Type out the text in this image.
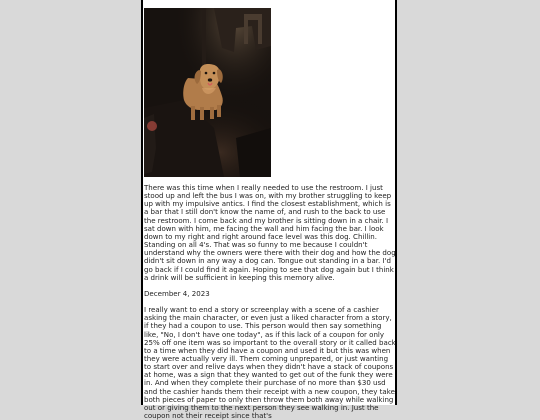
There was this time when I really needed to use the restroom. I just stood up and left the bus I was on, with my brother struggling to keep up with my impulsive antics. I find the closest establishment, which is a bar that I still don't know the name of, and rush to the back to use the restroom. I come back and my brother is sitting down in a chair. I sat down with him, me facing the wall and him facing the bar. I look down to my right and right around face level was this dog. Chillin. Standing on all 4's. That was so funny to me because I couldn't understand why the owners were there with their dog and how the dog didn't sit down in any way a dog can. Tongue out standing in a bar. I'd go back if I could find it again. Hoping to see that dog again but I think a drink will be sufficient in keeping this memory alive.

December 4, 2023

I really want to end a story or screenplay with a scene of a cashier asking the main character, or even just a liked character from a story, if they had a coupon to use. This person would then say something like, "No, I don't have one today", as if this lack of a coupon for only 25% off one item was so important to the overall story or it called back to a time when they did have a coupon and used it but this was when they were actually very ill. Them coming unprepared, or just wanting to start over and relive days when they didn't have a stack of coupons at home, was a sign that they wanted to get out of the funk they were in. And when they complete their purchase of no more than $30 usd and the cashier hands them their receipt with a new coupon, they take both pieces of paper to only then throw them both away while walking out or giving them to the next person they see walking in. Just the coupon not their receipt since that's
